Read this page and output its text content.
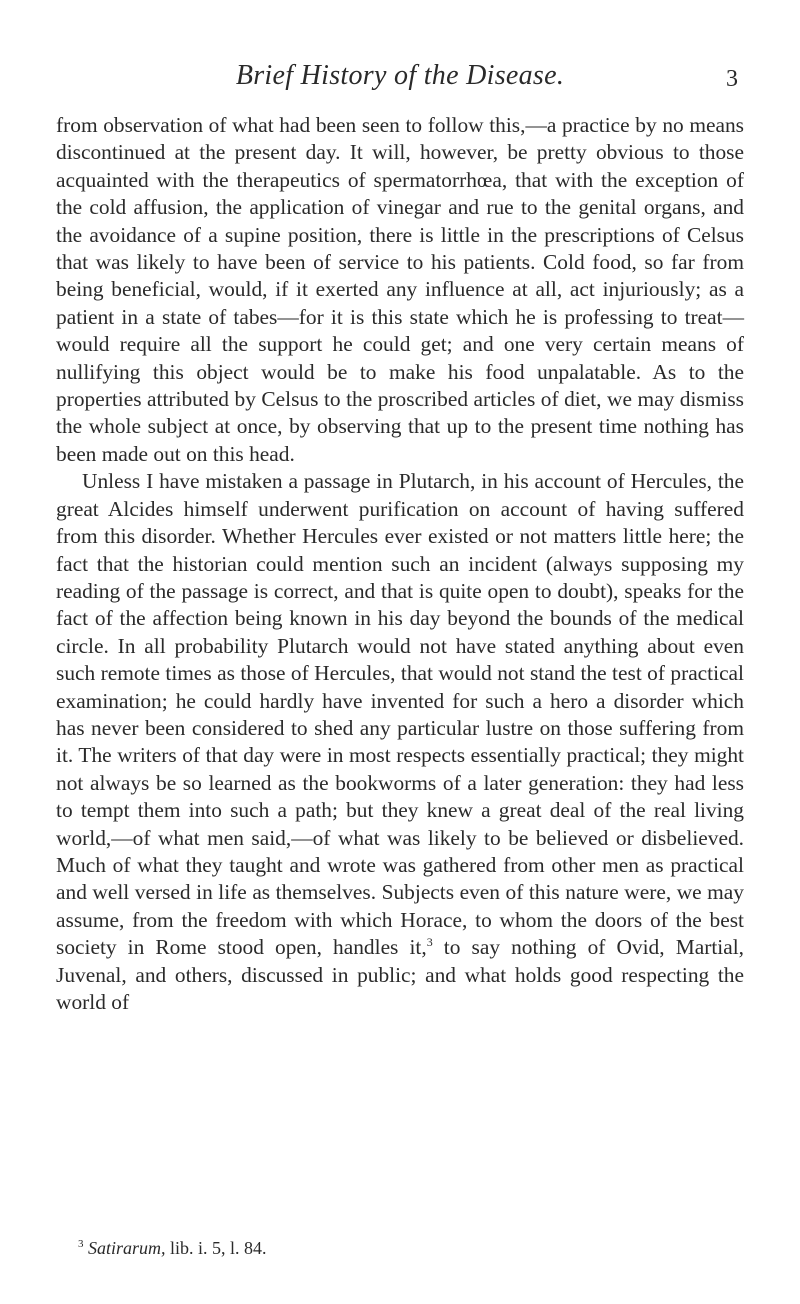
Brief History of the Disease.	3

from observation of what had been seen to follow this,—a practice by no means discontinued at the present day. It will, however, be pretty obvious to those acquainted with the therapeutics of spermatorrhœa, that with the exception of the cold affusion, the application of vinegar and rue to the genital organs, and the avoidance of a supine position, there is little in the prescriptions of Celsus that was likely to have been of service to his patients. Cold food, so far from being beneficial, would, if it exerted any influence at all, act injuriously; as a patient in a state of tabes—for it is this state which he is professing to treat—would require all the support he could get; and one very certain means of nullifying this object would be to make his food unpalatable. As to the properties attributed by Celsus to the proscribed articles of diet, we may dismiss the whole subject at once, by observing that up to the present time nothing has been made out on this head.

Unless I have mistaken a passage in Plutarch, in his account of Hercules, the great Alcides himself underwent purification on account of having suffered from this disorder. Whether Hercules ever existed or not matters little here; the fact that the historian could mention such an incident (always supposing my reading of the passage is correct, and that is quite open to doubt), speaks for the fact of the affection being known in his day beyond the bounds of the medical circle. In all probability Plutarch would not have stated anything about even such remote times as those of Hercules, that would not stand the test of practical examination; he could hardly have invented for such a hero a disorder which has never been considered to shed any particular lustre on those suffering from it. The writers of that day were in most respects essentially practical; they might not always be so learned as the bookworms of a later generation: they had less to tempt them into such a path; but they knew a great deal of the real living world,—of what men said,—of what was likely to be believed or disbelieved. Much of what they taught and wrote was gathered from other men as practical and well versed in life as themselves. Subjects even of this nature were, we may assume, from the freedom with which Horace, to whom the doors of the best society in Rome stood open, handles it,$^3$ to say nothing of Ovid, Martial, Juvenal, and others, discussed in public; and what holds good respecting the world of

$^3$ Satirarum, lib. i. 5, l. 84.
